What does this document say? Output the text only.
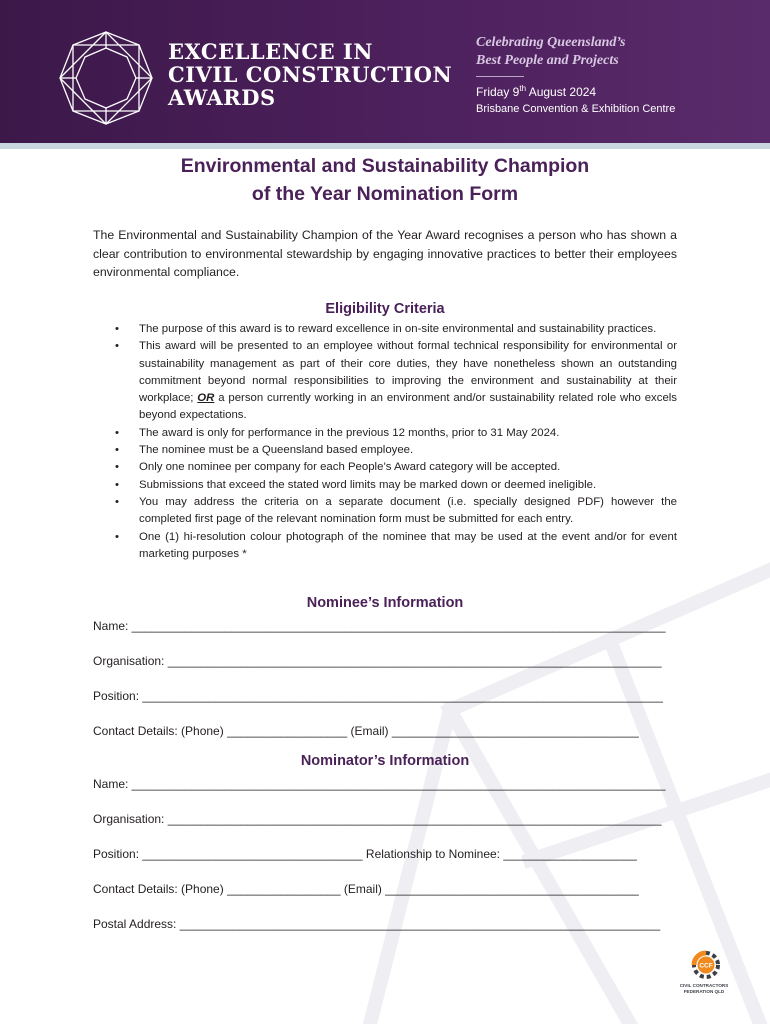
EXCELLENCE IN
CIVIL CONSTRUCTION
AWARDS
Celebrating Queensland’s
Best People and Projects
Friday 9th August 2024
Brisbane Convention & Exhibition Centre
Environmental and Sustainability Champion
of the Year Nomination Form
The Environmental and Sustainability Champion of the Year Award recognises a person who has shown a clear contribution to environmental stewardship by engaging innovative practices to better their employees environmental compliance.
Eligibility Criteria
• The purpose of this award is to reward excellence in on-site environmental and sustainability practices.
• This award will be presented to an employee without formal technical responsibility for environmental or sustainability management as part of their core duties, they have nonetheless shown an outstanding commitment beyond normal responsibilities to improving the environment and sustainability at their workplace; OR a person currently working in an environment and/or sustainability related role who excels beyond expectations.
• The award is only for performance in the previous 12 months, prior to 31 May 2024.
• The nominee must be a Queensland based employee.
• Only one nominee per company for each People’s Award category will be accepted.
• Submissions that exceed the stated word limits may be marked down or deemed ineligible.
• You may address the criteria on a separate document (i.e. specially designed PDF) however the completed first page of the relevant nomination form must be submitted for each entry.
• One (1) hi-resolution colour photograph of the nominee that may be used at the event and/or for event marketing purposes *
Nominee’s Information
Name: ________________________________________________________________________________
Organisation: __________________________________________________________________________
Position: ______________________________________________________________________________
Contact Details: (Phone) __________________ (Email) _____________________________________
Nominator’s Information
Name: ________________________________________________________________________________
Organisation: __________________________________________________________________________
Position: _________________________________ Relationship to Nominee: ____________________
Contact Details: (Phone) _________________ (Email) ______________________________________
Postal Address: ________________________________________________________________________
CCF
CIVIL CONTRACTORS
FEDERATION QLD
